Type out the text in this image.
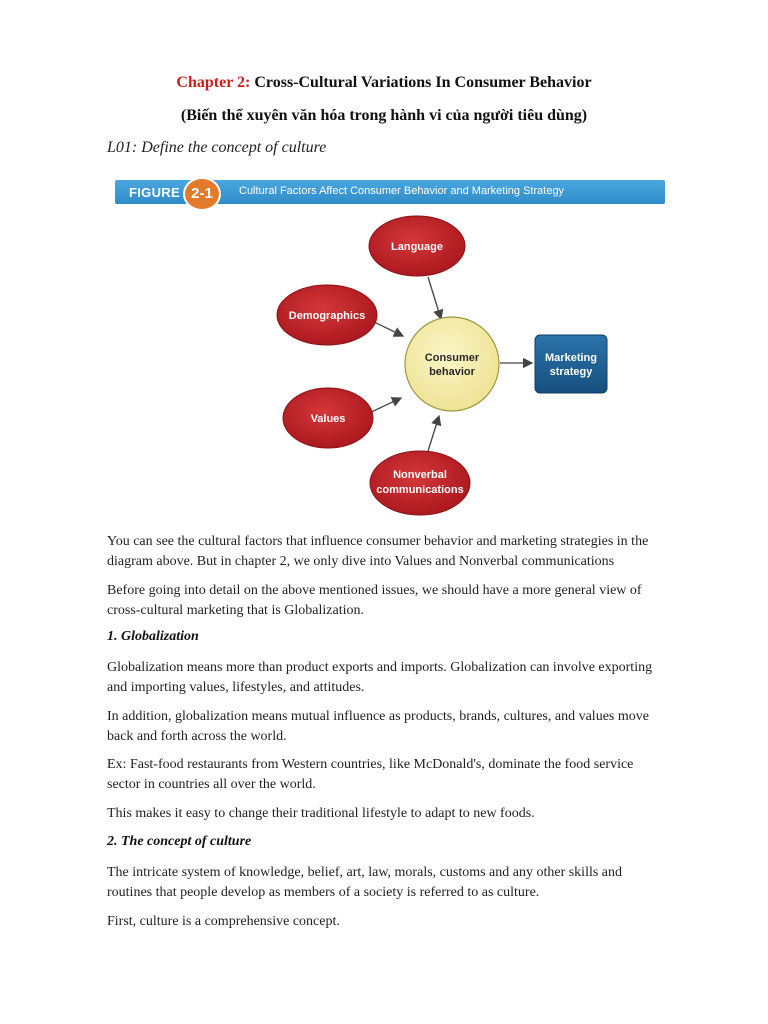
Chapter 2: Cross-Cultural Variations In Consumer Behavior
(Biến thể xuyên văn hóa trong hành vi của người tiêu dùng)
L01: Define the concept of culture
FIGURE 2-1	Cultural Factors Affect Consumer Behavior and Marketing Strategy
Language
Demographics
Values
Nonverbal
communications
Consumer
behavior
Marketing
strategy
You can see the cultural factors that influence consumer behavior and marketing strategies in the
diagram above. But in chapter 2, we only dive into Values and Nonverbal communications
Before going into detail on the above mentioned issues, we should have a more general view of
cross-cultural marketing that is Globalization.
1. Globalization
Globalization means more than product exports and imports. Globalization can involve exporting
and importing values, lifestyles, and attitudes.
In addition, globalization means mutual influence as products, brands, cultures, and values move
back and forth across the world.
Ex: Fast-food restaurants from Western countries, like McDonald's, dominate the food service
sector in countries all over the world.
This makes it easy to change their traditional lifestyle to adapt to new foods.
2. The concept of culture
The intricate system of knowledge, belief, art, law, morals, customs and any other skills and
routines that people develop as members of a society is referred to as culture.
First, culture is a comprehensive concept.
